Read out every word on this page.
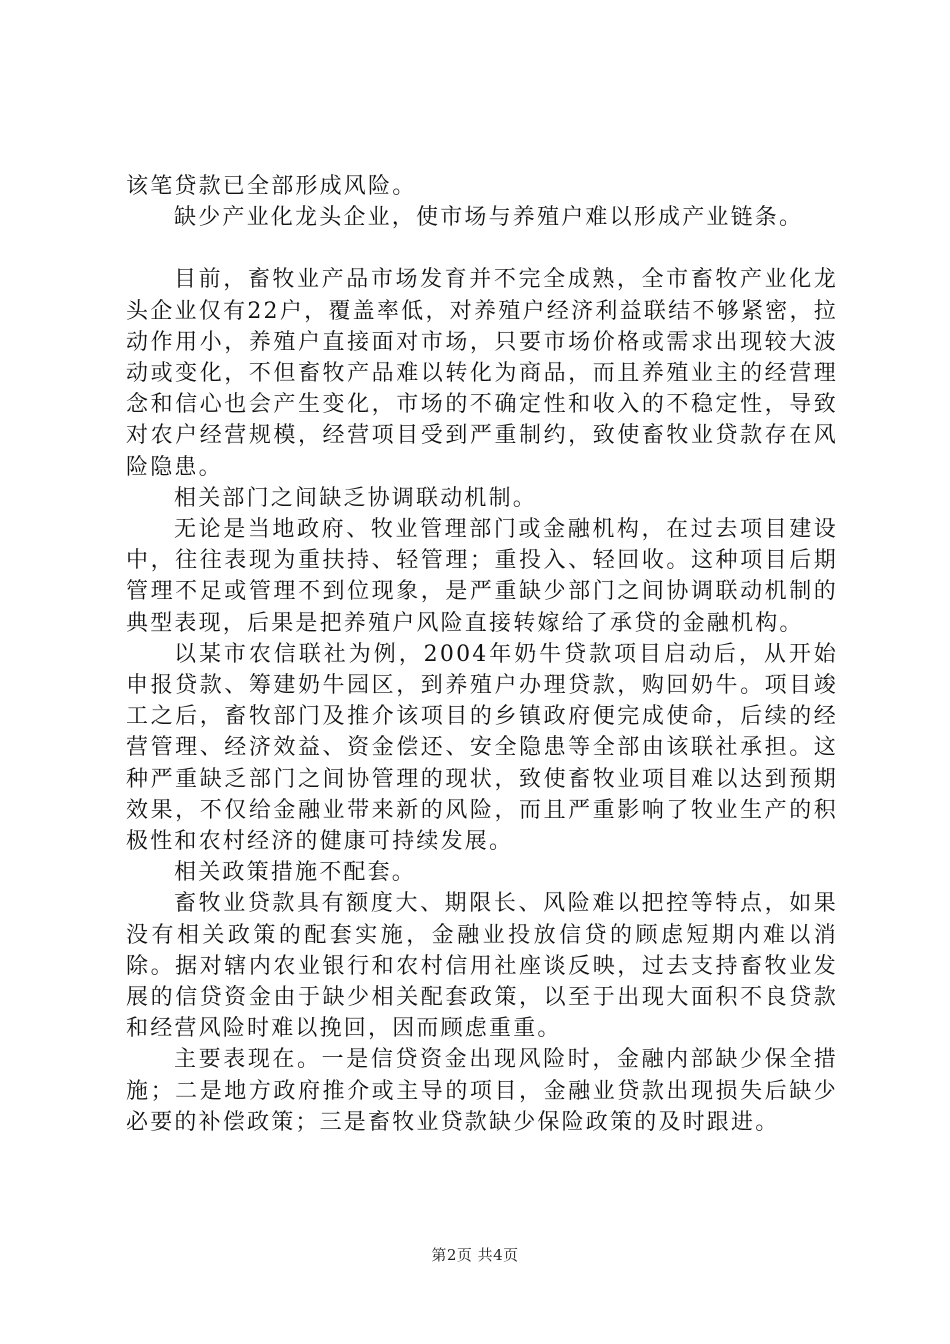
该笔贷款已全部形成风险。

缺少产业化龙头企业，使市场与养殖户难以形成产业链条。

目前，畜牧业产品市场发育并不完全成熟，全市畜牧产业化龙头企业仅有22户，覆盖率低，对养殖户经济利益联结不够紧密，拉动作用小，养殖户直接面对市场，只要市场价格或需求出现较大波动或变化，不但畜牧产品难以转化为商品，而且养殖业主的经营理念和信心也会产生变化，市场的不确定性和收入的不稳定性，导致对农户经营规模，经营项目受到严重制约，致使畜牧业贷款存在风险隐患。

相关部门之间缺乏协调联动机制。

无论是当地政府、牧业管理部门或金融机构，在过去项目建设中，往往表现为重扶持、轻管理；重投入、轻回收。这种项目后期管理不足或管理不到位现象，是严重缺少部门之间协调联动机制的典型表现，后果是把养殖户风险直接转嫁给了承贷的金融机构。

以某市农信联社为例，2004年奶牛贷款项目启动后，从开始申报贷款、筹建奶牛园区，到养殖户办理贷款，购回奶牛。项目竣工之后，畜牧部门及推介该项目的乡镇政府便完成使命，后续的经营管理、经济效益、资金偿还、安全隐患等全部由该联社承担。这种严重缺乏部门之间协管理的现状，致使畜牧业项目难以达到预期效果，不仅给金融业带来新的风险，而且严重影响了牧业生产的积极性和农村经济的健康可持续发展。

相关政策措施不配套。

畜牧业贷款具有额度大、期限长、风险难以把控等特点，如果没有相关政策的配套实施，金融业投放信贷的顾虑短期内难以消除。据对辖内农业银行和农村信用社座谈反映，过去支持畜牧业发展的信贷资金由于缺少相关配套政策，以至于出现大面积不良贷款和经营风险时难以挽回，因而顾虑重重。

主要表现在。一是信贷资金出现风险时，金融内部缺少保全措施；二是地方政府推介或主导的项目，金融业贷款出现损失后缺少必要的补偿政策；三是畜牧业贷款缺少保险政策的及时跟进。

第2页 共4页
